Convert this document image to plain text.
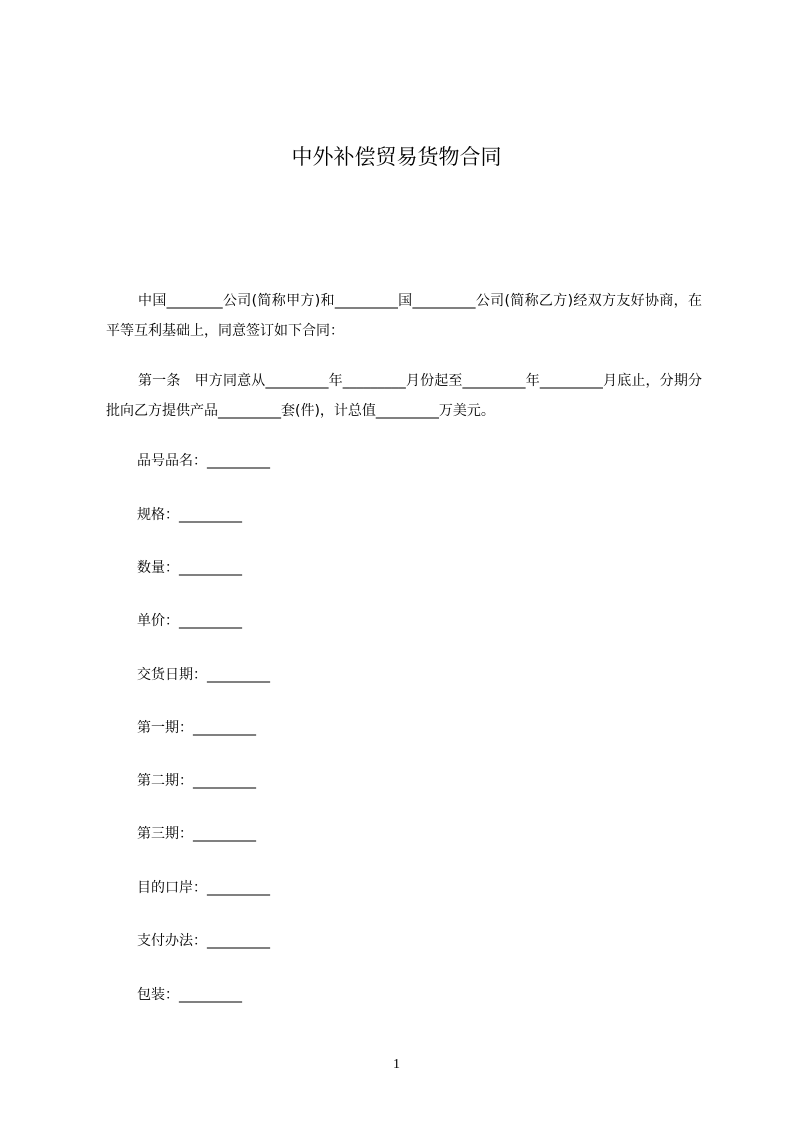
中外补偿贸易货物合同
中国________公司(简称甲方)和_________国_________公司(简称乙方)经双方友好协商，在平等互利基础上，同意签订如下合同：
第一条　甲方同意从_________年_________月份起至_________年_________月底止，分期分批向乙方提供产品_________套(件)，计总值_________万美元。
品号品名：_________
规格：_________
数量：_________
单价：_________
交货日期：_________
第一期：_________
第二期：_________
第三期：_________
目的口岸：_________
支付办法：_________
包装：_________
1
